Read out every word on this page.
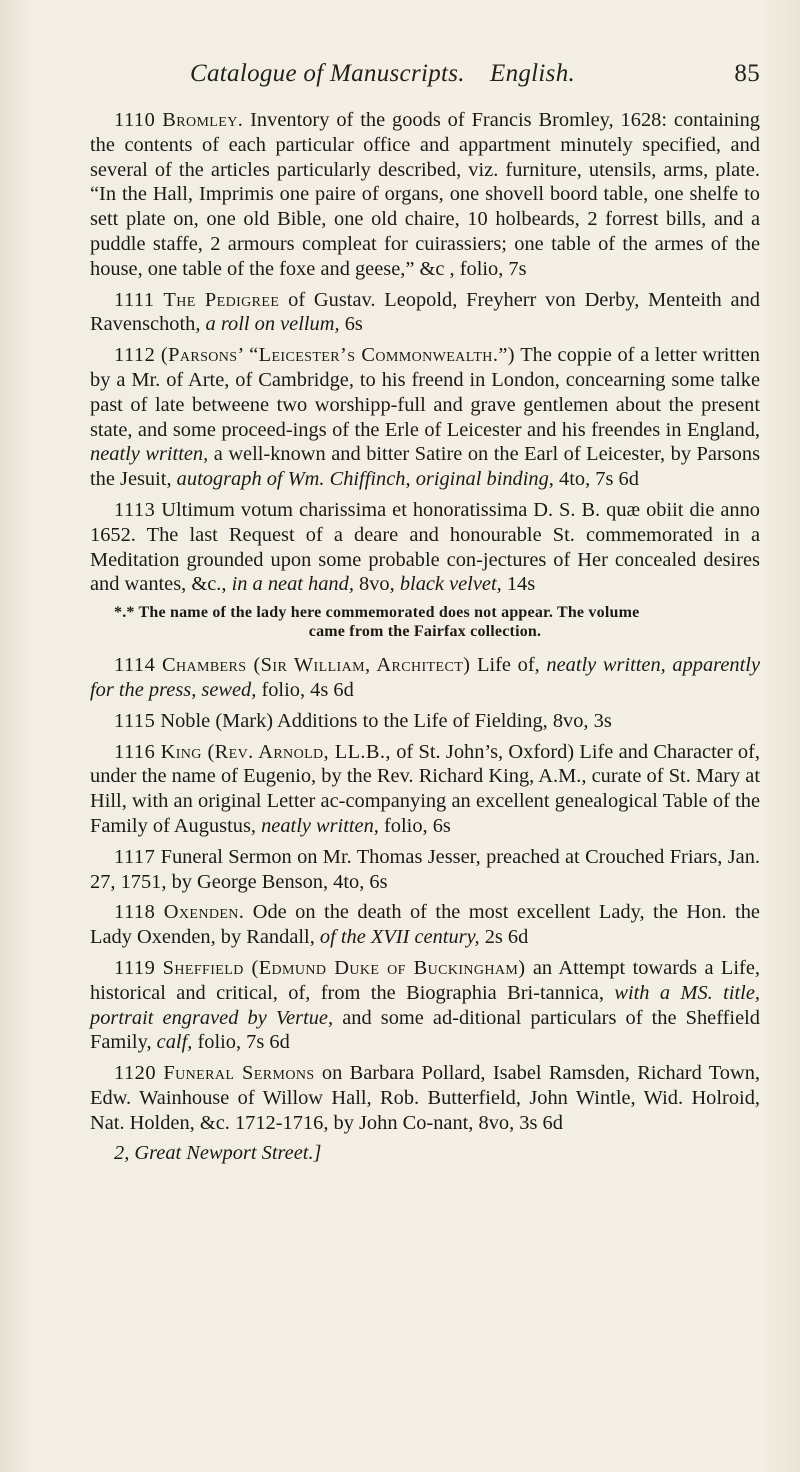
Catalogue of Manuscripts. English.	85

1110 Bromley. Inventory of the goods of Francis Bromley, 1628: containing the contents of each particular office and appartment minutely specified, and several of the articles particularly described, viz. furniture, utensils, arms, plate. “In the Hall, Imprimis one paire of organs, one shovell boord table, one shelfe to sett plate on, one old Bible, one old chaire, 10 holbeards, 2 forrest bills, and a puddle staffe, 2 armours compleat for cuirassiers; one table of the armes of the house, one table of the foxe and geese,” &c , folio, 7s

1111 The Pedigree of Gustav. Leopold, Freyherr von Derby, Menteith and Ravenschoth, a roll on vellum, 6s

1112 (Parsons’ “Leicester’s Commonwealth.”) The coppie of a letter written by a Mr. of Arte, of Cambridge, to his freend in London, concearning some talke past of late betweene two worshipp-full and grave gentlemen about the present state, and some proceed-ings of the Erle of Leicester and his freendes in England, neatly written, a well-known and bitter Satire on the Earl of Leicester, by Parsons the Jesuit, autograph of Wm. Chiffinch, original binding, 4to, 7s 6d

1113 Ultimum votum charissima et honoratissima D. S. B. quæ obiit die anno 1652. The last Request of a deare and honourable St. commemorated in a Meditation grounded upon some probable con-jectures of Her concealed desires and wantes, &c., in a neat hand, 8vo, black velvet, 14s

*.* The name of the lady here commemorated does not appear. The volume
came from the Fairfax collection.

1114 Chambers (Sir William, Architect) Life of, neatly written, apparently for the press, sewed, folio, 4s 6d

1115 Noble (Mark) Additions to the Life of Fielding, 8vo, 3s

1116 King (Rev. Arnold, LL.B., of St. John’s, Oxford) Life and Character of, under the name of Eugenio, by the Rev. Richard King, A.M., curate of St. Mary at Hill, with an original Letter ac-companying an excellent genealogical Table of the Family of Augustus, neatly written, folio, 6s

1117 Funeral Sermon on Mr. Thomas Jesser, preached at Crouched Friars, Jan. 27, 1751, by George Benson, 4to, 6s

1118 Oxenden. Ode on the death of the most excellent Lady, the Hon. the Lady Oxenden, by Randall, of the XVII century, 2s 6d

1119 Sheffield (Edmund Duke of Buckingham) an Attempt towards a Life, historical and critical, of, from the Biographia Bri-tannica, with a MS. title, portrait engraved by Vertue, and some ad-ditional particulars of the Sheffield Family, calf, folio, 7s 6d

1120 Funeral Sermons on Barbara Pollard, Isabel Ramsden, Richard Town, Edw. Wainhouse of Willow Hall, Rob. Butterfield, John Wintle, Wid. Holroid, Nat. Holden, &c. 1712-1716, by John Co-nant, 8vo, 3s 6d

2, Great Newport Street.]
